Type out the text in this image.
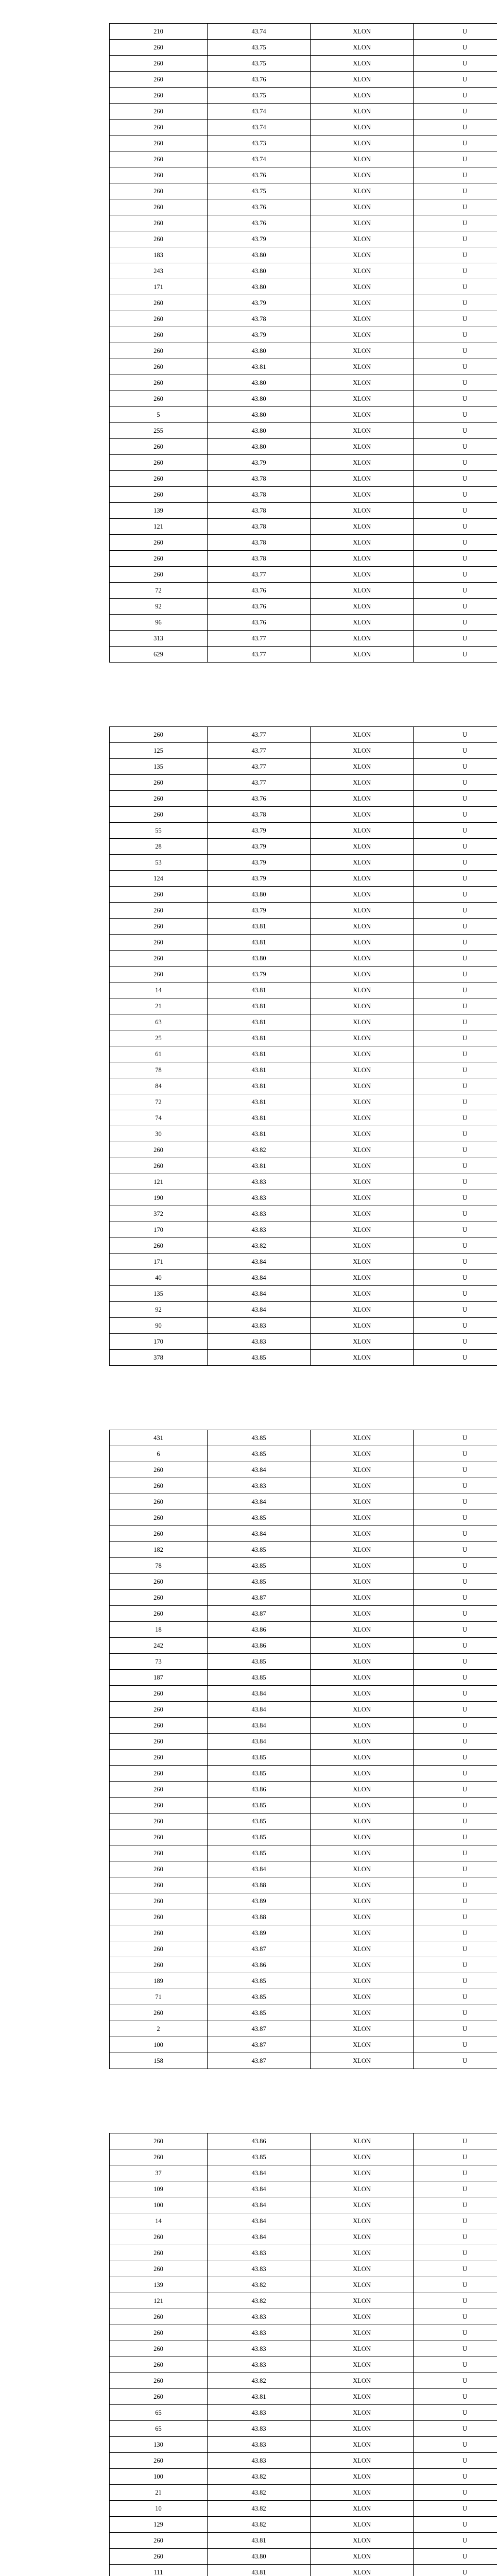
210	43.74	XLON	U
260	43.75	XLON	U
260	43.75	XLON	U
260	43.76	XLON	U
260	43.75	XLON	U
260	43.74	XLON	U
260	43.74	XLON	U
260	43.73	XLON	U
260	43.74	XLON	U
260	43.76	XLON	U
260	43.75	XLON	U
260	43.76	XLON	U
260	43.76	XLON	U
260	43.79	XLON	U
183	43.80	XLON	U
243	43.80	XLON	U
171	43.80	XLON	U
260	43.79	XLON	U
260	43.78	XLON	U
260	43.79	XLON	U
260	43.80	XLON	U
260	43.81	XLON	U
260	43.80	XLON	U
260	43.80	XLON	U
5	43.80	XLON	U
255	43.80	XLON	U
260	43.80	XLON	U
260	43.79	XLON	U
260	43.78	XLON	U
260	43.78	XLON	U
139	43.78	XLON	U
121	43.78	XLON	U
260	43.78	XLON	U
260	43.78	XLON	U
260	43.77	XLON	U
72	43.76	XLON	U
92	43.76	XLON	U
96	43.76	XLON	U
313	43.77	XLON	U
629	43.77	XLON	U
260	43.77	XLON	U
125	43.77	XLON	U
135	43.77	XLON	U
260	43.77	XLON	U
260	43.76	XLON	U
260	43.78	XLON	U
55	43.79	XLON	U
28	43.79	XLON	U
53	43.79	XLON	U
124	43.79	XLON	U
260	43.80	XLON	U
260	43.79	XLON	U
260	43.81	XLON	U
260	43.81	XLON	U
260	43.80	XLON	U
260	43.79	XLON	U
14	43.81	XLON	U
21	43.81	XLON	U
63	43.81	XLON	U
25	43.81	XLON	U
61	43.81	XLON	U
78	43.81	XLON	U
84	43.81	XLON	U
72	43.81	XLON	U
74	43.81	XLON	U
30	43.81	XLON	U
260	43.82	XLON	U
260	43.81	XLON	U
121	43.83	XLON	U
190	43.83	XLON	U
372	43.83	XLON	U
170	43.83	XLON	U
260	43.82	XLON	U
171	43.84	XLON	U
40	43.84	XLON	U
135	43.84	XLON	U
92	43.84	XLON	U
90	43.83	XLON	U
170	43.83	XLON	U
378	43.85	XLON	U
431	43.85	XLON	U
6	43.85	XLON	U
260	43.84	XLON	U
260	43.83	XLON	U
260	43.84	XLON	U
260	43.85	XLON	U
260	43.84	XLON	U
182	43.85	XLON	U
78	43.85	XLON	U
260	43.85	XLON	U
260	43.87	XLON	U
260	43.87	XLON	U
18	43.86	XLON	U
242	43.86	XLON	U
73	43.85	XLON	U
187	43.85	XLON	U
260	43.84	XLON	U
260	43.84	XLON	U
260	43.84	XLON	U
260	43.84	XLON	U
260	43.85	XLON	U
260	43.85	XLON	U
260	43.86	XLON	U
260	43.85	XLON	U
260	43.85	XLON	U
260	43.85	XLON	U
260	43.85	XLON	U
260	43.84	XLON	U
260	43.88	XLON	U
260	43.89	XLON	U
260	43.88	XLON	U
260	43.89	XLON	U
260	43.87	XLON	U
260	43.86	XLON	U
189	43.85	XLON	U
71	43.85	XLON	U
260	43.85	XLON	U
2	43.87	XLON	U
100	43.87	XLON	U
158	43.87	XLON	U
260	43.86	XLON	U
260	43.85	XLON	U
37	43.84	XLON	U
109	43.84	XLON	U
100	43.84	XLON	U
14	43.84	XLON	U
260	43.84	XLON	U
260	43.83	XLON	U
260	43.83	XLON	U
139	43.82	XLON	U
121	43.82	XLON	U
260	43.83	XLON	U
260	43.83	XLON	U
260	43.83	XLON	U
260	43.83	XLON	U
260	43.82	XLON	U
260	43.81	XLON	U
65	43.83	XLON	U
65	43.83	XLON	U
130	43.83	XLON	U
260	43.83	XLON	U
100	43.82	XLON	U
21	43.82	XLON	U
10	43.82	XLON	U
129	43.82	XLON	U
260	43.81	XLON	U
260	43.80	XLON	U
111	43.81	XLON	U
